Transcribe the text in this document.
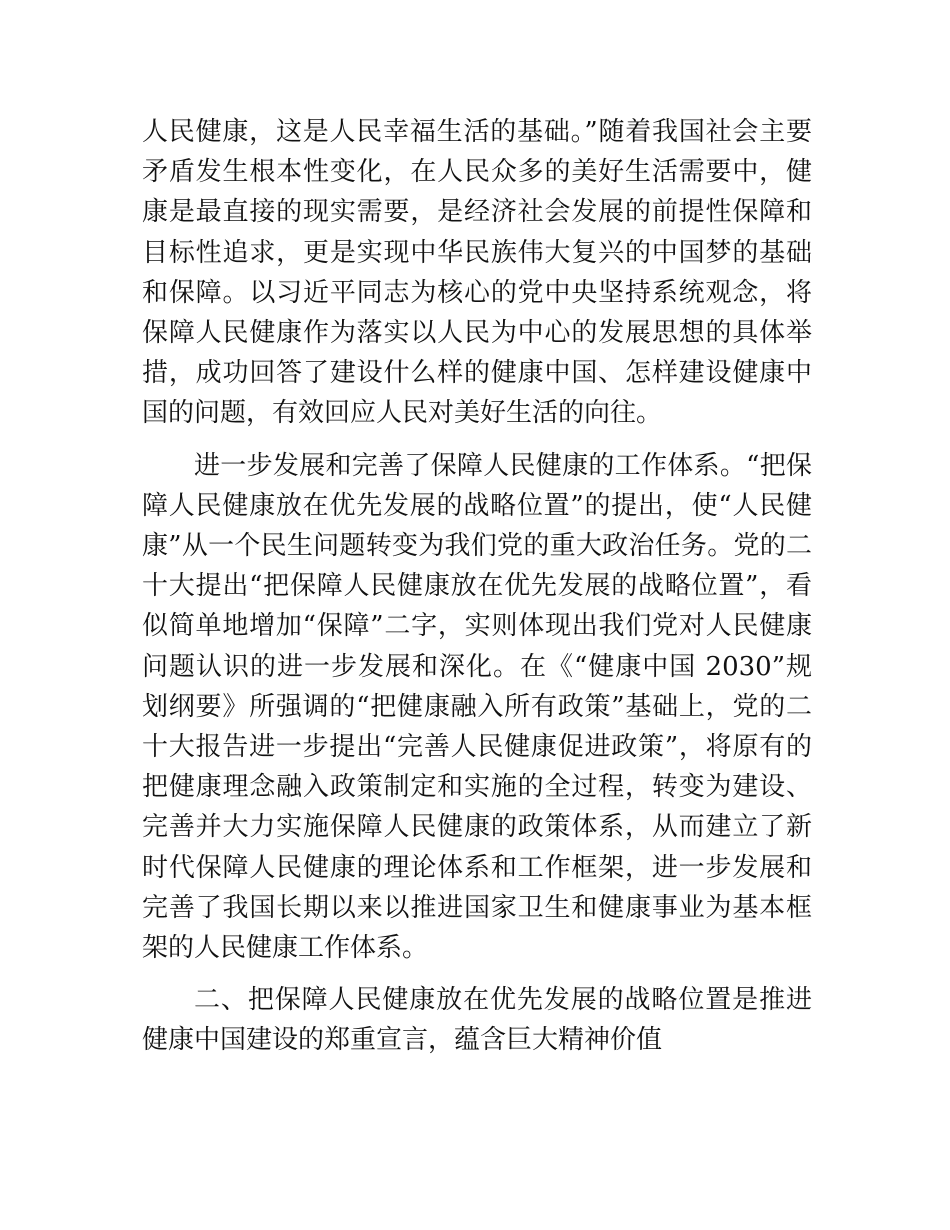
人民健康，这是人民幸福生活的基础。”随着我国社会主要矛盾发生根本性变化，在人民众多的美好生活需要中，健康是最直接的现实需要，是经济社会发展的前提性保障和目标性追求，更是实现中华民族伟大复兴的中国梦的基础和保障。以习近平同志为核心的党中央坚持系统观念，将保障人民健康作为落实以人民为中心的发展思想的具体举措，成功回答了建设什么样的健康中国、怎样建设健康中国的问题，有效回应人民对美好生活的向往。

进一步发展和完善了保障人民健康的工作体系。“把保障人民健康放在优先发展的战略位置”的提出，使“人民健康”从一个民生问题转变为我们党的重大政治任务。党的二十大提出“把保障人民健康放在优先发展的战略位置”，看似简单地增加“保障”二字，实则体现出我们党对人民健康问题认识的进一步发展和深化。在《“健康中国 2030”规划纲要》所强调的“把健康融入所有政策”基础上，党的二十大报告进一步提出“完善人民健康促进政策”，将原有的把健康理念融入政策制定和实施的全过程，转变为建设、完善并大力实施保障人民健康的政策体系，从而建立了新时代保障人民健康的理论体系和工作框架，进一步发展和完善了我国长期以来以推进国家卫生和健康事业为基本框架的人民健康工作体系。

二、把保障人民健康放在优先发展的战略位置是推进健康中国建设的郑重宣言，蕴含巨大精神价值
